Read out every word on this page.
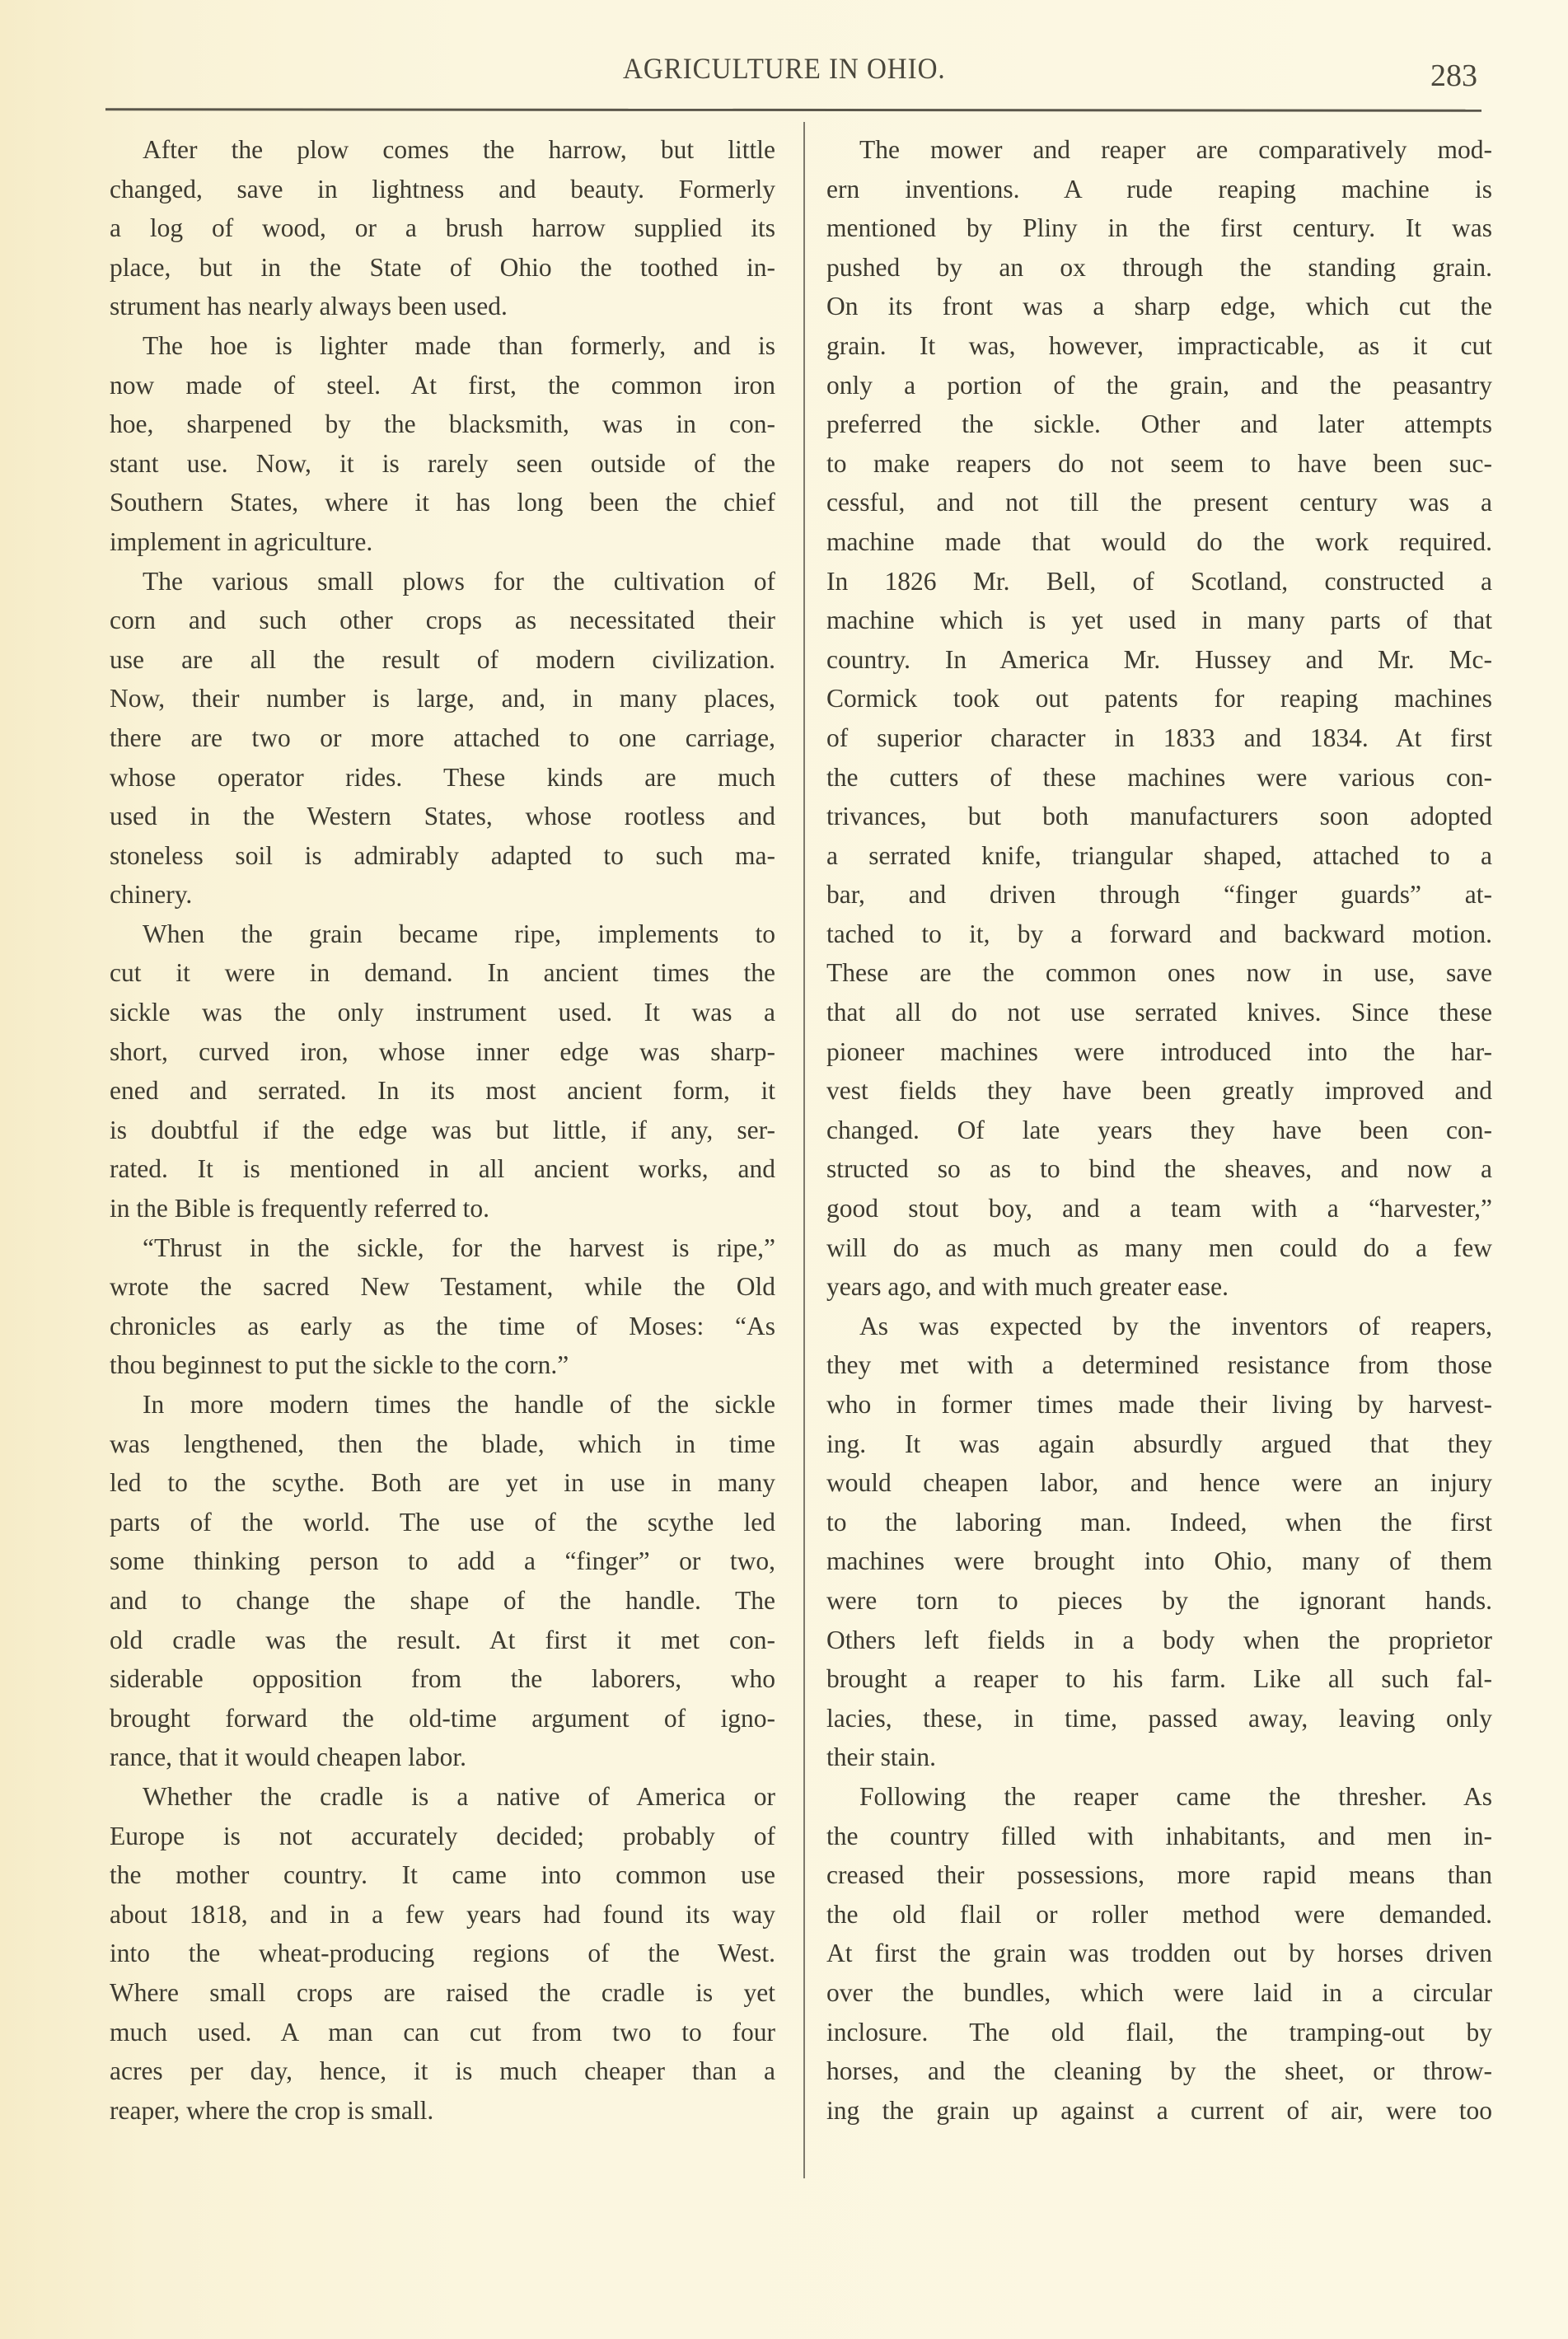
AGRICULTURE IN OHIO.	283
After the plow comes the harrow, but little
changed, save in lightness and beauty. Formerly
a log of wood, or a brush harrow supplied its
place, but in the State of Ohio the toothed in-
strument has nearly always been used.
The hoe is lighter made than formerly, and is
now made of steel. At first, the common iron
hoe, sharpened by the blacksmith, was in con-
stant use. Now, it is rarely seen outside of the
Southern States, where it has long been the chief
implement in agriculture.
The various small plows for the cultivation of
corn and such other crops as necessitated their
use are all the result of modern civilization.
Now, their number is large, and, in many places,
there are two or more attached to one carriage,
whose operator rides. These kinds are much
used in the Western States, whose rootless and
stoneless soil is admirably adapted to such ma-
chinery.
When the grain became ripe, implements to
cut it were in demand. In ancient times the
sickle was the only instrument used. It was a
short, curved iron, whose inner edge was sharp-
ened and serrated. In its most ancient form, it
is doubtful if the edge was but little, if any, ser-
rated. It is mentioned in all ancient works, and
in the Bible is frequently referred to.
“Thrust in the sickle, for the harvest is ripe,”
wrote the sacred New Testament, while the Old
chronicles as early as the time of Moses: “As
thou beginnest to put the sickle to the corn.”
In more modern times the handle of the sickle
was lengthened, then the blade, which in time
led to the scythe. Both are yet in use in many
parts of the world. The use of the scythe led
some thinking person to add a “finger” or two,
and to change the shape of the handle. The
old cradle was the result. At first it met con-
siderable opposition from the laborers, who
brought forward the old-time argument of igno-
rance, that it would cheapen labor.
Whether the cradle is a native of America or
Europe is not accurately decided; probably of
the mother country. It came into common use
about 1818, and in a few years had found its way
into the wheat-producing regions of the West.
Where small crops are raised the cradle is yet
much used. A man can cut from two to four
acres per day, hence, it is much cheaper than a
reaper, where the crop is small.
The mower and reaper are comparatively mod-
ern inventions. A rude reaping machine is
mentioned by Pliny in the first century. It was
pushed by an ox through the standing grain.
On its front was a sharp edge, which cut the
grain. It was, however, impracticable, as it cut
only a portion of the grain, and the peasantry
preferred the sickle. Other and later attempts
to make reapers do not seem to have been suc-
cessful, and not till the present century was a
machine made that would do the work required.
In 1826 Mr. Bell, of Scotland, constructed a
machine which is yet used in many parts of that
country. In America Mr. Hussey and Mr. Mc-
Cormick took out patents for reaping machines
of superior character in 1833 and 1834. At first
the cutters of these machines were various con-
trivances, but both manufacturers soon adopted
a serrated knife, triangular shaped, attached to a
bar, and driven through “finger guards” at-
tached to it, by a forward and backward motion.
These are the common ones now in use, save
that all do not use serrated knives. Since these
pioneer machines were introduced into the har-
vest fields they have been greatly improved and
changed. Of late years they have been con-
structed so as to bind the sheaves, and now a
good stout boy, and a team with a “harvester,”
will do as much as many men could do a few
years ago, and with much greater ease.
As was expected by the inventors of reapers,
they met with a determined resistance from those
who in former times made their living by harvest-
ing. It was again absurdly argued that they
would cheapen labor, and hence were an injury
to the laboring man. Indeed, when the first
machines were brought into Ohio, many of them
were torn to pieces by the ignorant hands.
Others left fields in a body when the proprietor
brought a reaper to his farm. Like all such fal-
lacies, these, in time, passed away, leaving only
their stain.
Following the reaper came the thresher. As
the country filled with inhabitants, and men in-
creased their possessions, more rapid means than
the old flail or roller method were demanded.
At first the grain was trodden out by horses driven
over the bundles, which were laid in a circular
inclosure. The old flail, the tramping-out by
horses, and the cleaning by the sheet, or throw-
ing the grain up against a current of air, were too
